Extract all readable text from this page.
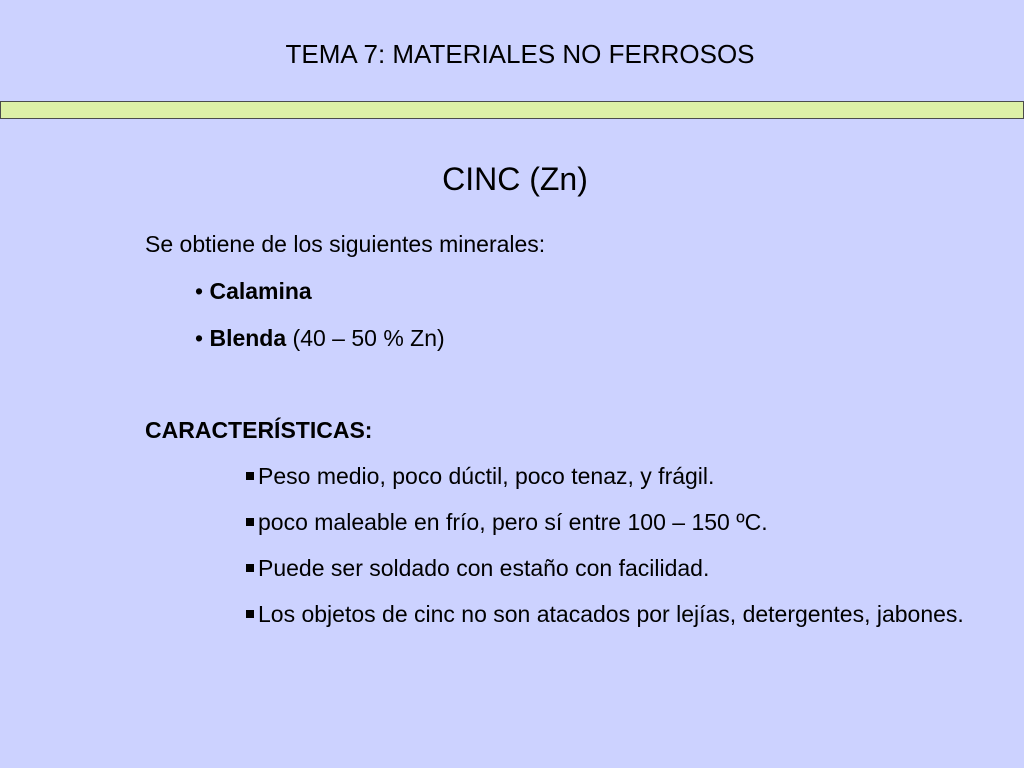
TEMA 7: MATERIALES NO FERROSOS
CINC (Zn)

Se obtiene de los siguientes minerales:

• Calamina

• Blenda (40 – 50 % Zn)

CARACTERÍSTICAS:

Peso medio, poco dúctil, poco tenaz, y frágil.

poco maleable en frío, pero sí entre 100 – 150 ºC.

Puede ser soldado con estaño con facilidad.

Los objetos de cinc no son atacados por lejías, detergentes, jabones.
